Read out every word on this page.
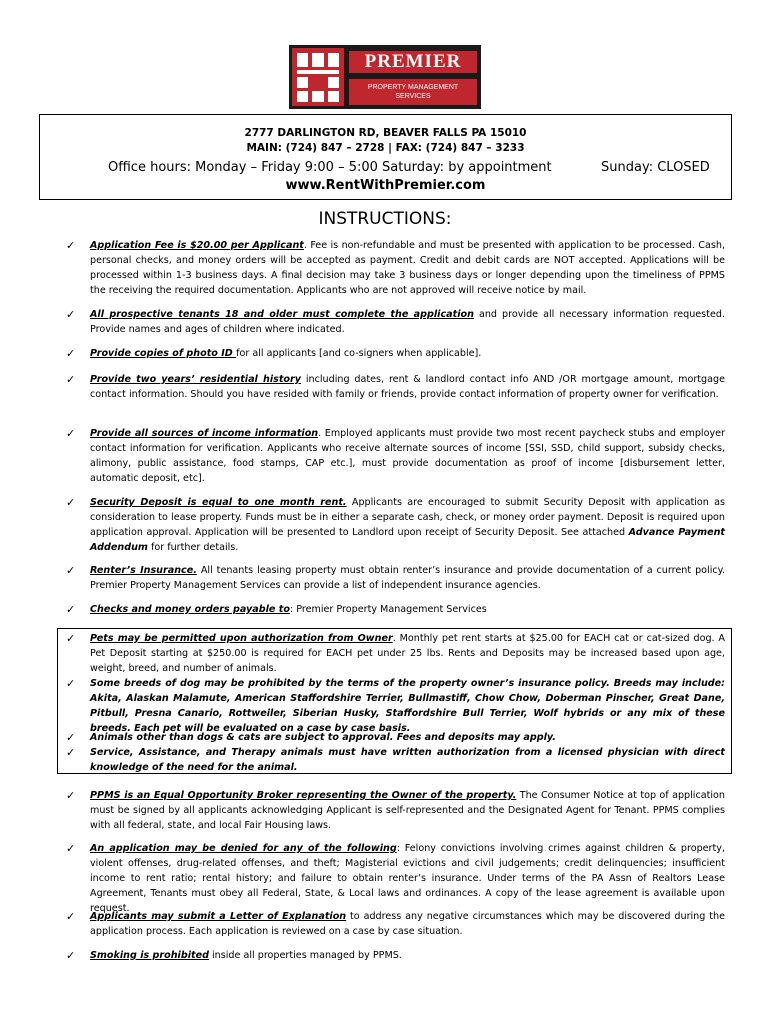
PREMIER
PROPERTY MANAGEMENT
SERVICES
2777 DARLINGTON RD, BEAVER FALLS PA 15010
MAIN: (724) 847 – 2728 | FAX: (724) 847 – 3233
Office hours: Monday – Friday 9:00 – 5:00 Saturday: by appointment	Sunday: CLOSED
www.RentWithPremier.com
INSTRUCTIONS:
✓ Application Fee is $20.00 per Applicant. Fee is non-refundable and must be presented with application to be processed. Cash, personal checks, and money orders will be accepted as payment. Credit and debit cards are NOT accepted. Applications will be processed within 1-3 business days. A final decision may take 3 business days or longer depending upon the timeliness of PPMS the receiving the required documentation. Applicants who are not approved will receive notice by mail.
✓ All prospective tenants 18 and older must complete the application and provide all necessary information requested. Provide names and ages of children where indicated.
✓ Provide copies of photo ID for all applicants [and co-signers when applicable].
✓ Provide two years’ residential history including dates, rent & landlord contact info AND /OR mortgage amount, mortgage contact information. Should you have resided with family or friends, provide contact information of property owner for verification.
✓ Provide all sources of income information. Employed applicants must provide two most recent paycheck stubs and employer contact information for verification. Applicants who receive alternate sources of income [SSI, SSD, child support, subsidy checks, alimony, public assistance, food stamps, CAP etc.], must provide documentation as proof of income [disbursement letter, automatic deposit, etc].
✓ Security Deposit is equal to one month rent. Applicants are encouraged to submit Security Deposit with application as consideration to lease property. Funds must be in either a separate cash, check, or money order payment. Deposit is required upon application approval. Application will be presented to Landlord upon receipt of Security Deposit. See attached Advance Payment Addendum for further details.
✓ Renter’s Insurance. All tenants leasing property must obtain renter’s insurance and provide documentation of a current policy. Premier Property Management Services can provide a list of independent insurance agencies.
✓ Checks and money orders payable to: Premier Property Management Services
✓ Pets may be permitted upon authorization from Owner. Monthly pet rent starts at $25.00 for EACH cat or cat-sized dog. A Pet Deposit starting at $250.00 is required for EACH pet under 25 lbs. Rents and Deposits may be increased based upon age, weight, breed, and number of animals.
✓ Some breeds of dog may be prohibited by the terms of the property owner’s insurance policy. Breeds may include: Akita, Alaskan Malamute, American Staffordshire Terrier, Bullmastiff, Chow Chow, Doberman Pinscher, Great Dane, Pitbull, Presna Canario, Rottweiler, Siberian Husky, Staffordshire Bull Terrier, Wolf hybrids or any mix of these breeds. Each pet will be evaluated on a case by case basis.
✓ Animals other than dogs & cats are subject to approval. Fees and deposits may apply.
✓ Service, Assistance, and Therapy animals must have written authorization from a licensed physician with direct knowledge of the need for the animal.
✓ PPMS is an Equal Opportunity Broker representing the Owner of the property. The Consumer Notice at top of application must be signed by all applicants acknowledging Applicant is self-represented and the Designated Agent for Tenant. PPMS complies with all federal, state, and local Fair Housing laws.
✓ An application may be denied for any of the following: Felony convictions involving crimes against children & property, violent offenses, drug-related offenses, and theft; Magisterial evictions and civil judgements; credit delinquencies; insufficient income to rent ratio; rental history; and failure to obtain renter’s insurance. Under terms of the PA Assn of Realtors Lease Agreement, Tenants must obey all Federal, State, & Local laws and ordinances. A copy of the lease agreement is available upon request.
✓ Applicants may submit a Letter of Explanation to address any negative circumstances which may be discovered during the application process. Each application is reviewed on a case by case situation.
✓ Smoking is prohibited inside all properties managed by PPMS.
